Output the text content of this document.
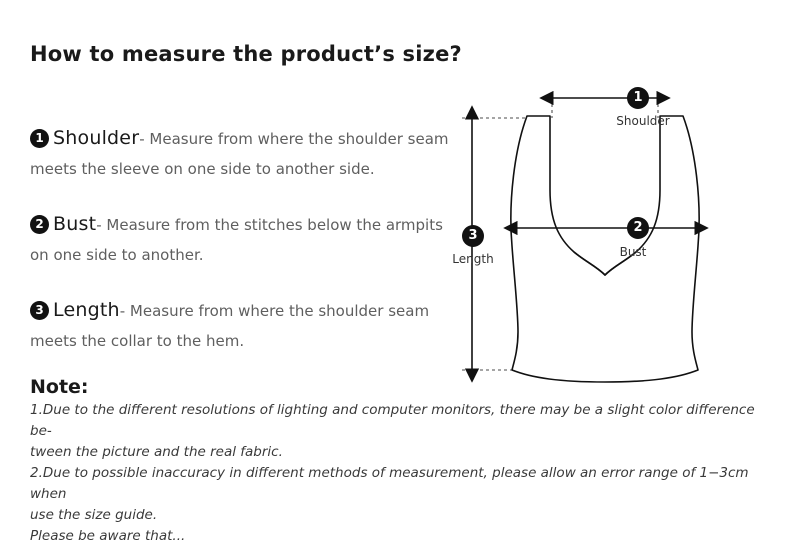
How to measure the product’s size?
1 Shoulder- Measure from where the shoulder seam meets the sleeve on one side to another side.
2 Bust- Measure from the stitches below the armpits on one side to another.
3 Length- Measure from where the shoulder seam meets the collar to the hem.
Note:
1.Due to the different resolutions of lighting and computer monitors, there may be a slight color difference be-
tween the picture and the real fabric.
2.Due to possible inaccuracy in different methods of measurement, please allow an error range of 1−3cm when
use the size guide.
Please be aware that...
1
Shoulder
2
Bust
3
Length
